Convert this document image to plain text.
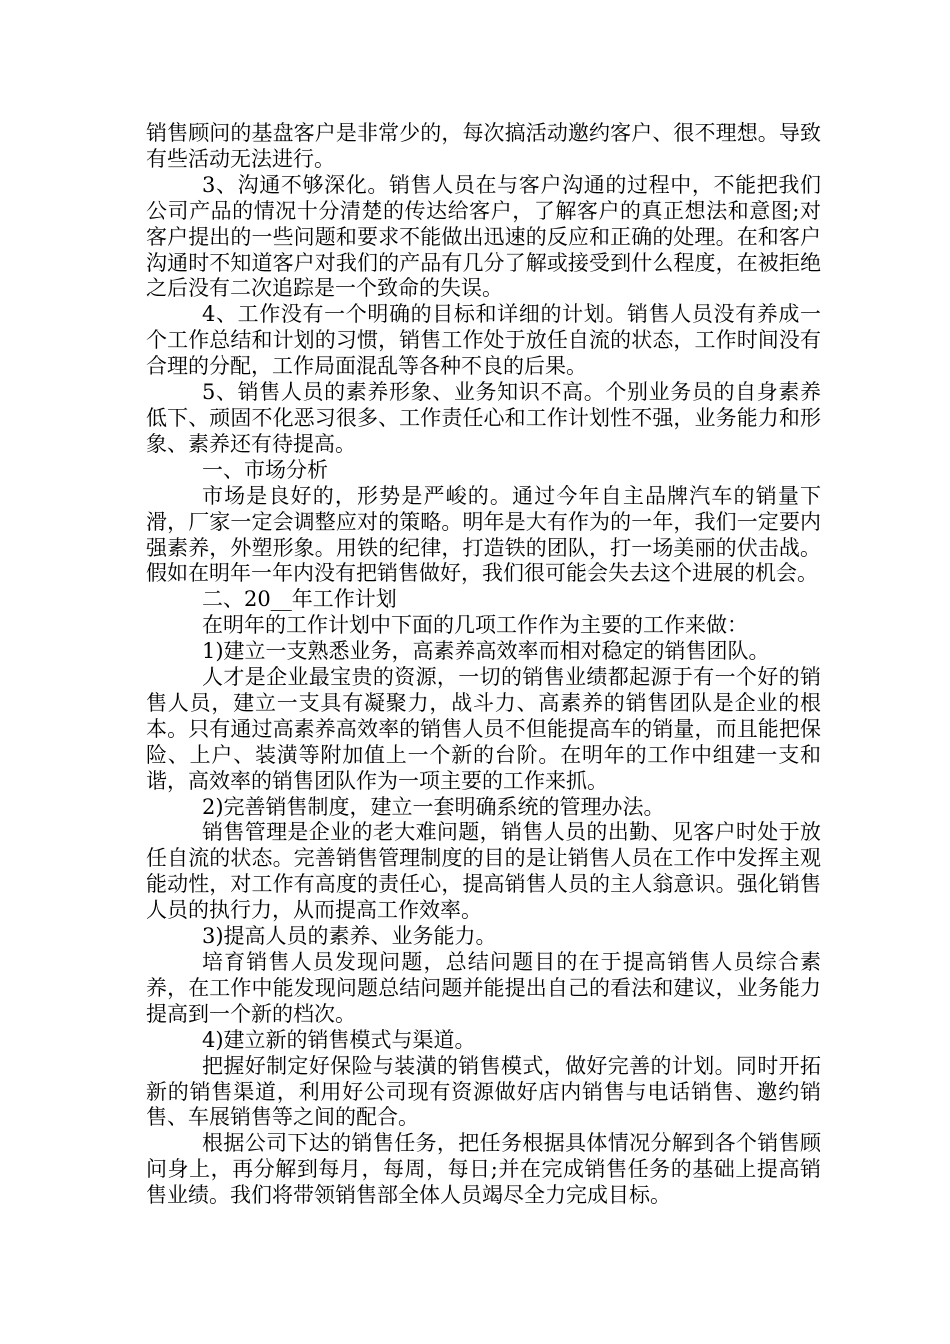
销售顾问的基盘客户是非常少的，每次搞活动邀约客户、很不理想。导致有些活动无法进行。

3、沟通不够深化。销售人员在与客户沟通的过程中，不能把我们公司产品的情况十分清楚的传达给客户，了解客户的真正想法和意图;对客户提出的一些问题和要求不能做出迅速的反应和正确的处理。在和客户沟通时不知道客户对我们的产品有几分了解或接受到什么程度，在被拒绝之后没有二次追踪是一个致命的失误。

4、工作没有一个明确的目标和详细的计划。销售人员没有养成一个工作总结和计划的习惯，销售工作处于放任自流的状态，工作时间没有合理的分配，工作局面混乱等各种不良的后果。

5、销售人员的素养形象、业务知识不高。个别业务员的自身素养低下、顽固不化恶习很多、工作责任心和工作计划性不强，业务能力和形象、素养还有待提高。

一、市场分析

市场是良好的，形势是严峻的。通过今年自主品牌汽车的销量下滑，厂家一定会调整应对的策略。明年是大有作为的一年，我们一定要内强素养，外塑形象。用铁的纪律，打造铁的团队，打一场美丽的伏击战。假如在明年一年内没有把销售做好，我们很可能会失去这个进展的机会。

二、20__年工作计划

在明年的工作计划中下面的几项工作作为主要的工作来做：

1)建立一支熟悉业务，高素养高效率而相对稳定的销售团队。

人才是企业最宝贵的资源，一切的销售业绩都起源于有一个好的销售人员，建立一支具有凝聚力，战斗力、高素养的销售团队是企业的根本。只有通过高素养高效率的销售人员不但能提高车的销量，而且能把保险、上户、装潢等附加值上一个新的台阶。在明年的工作中组建一支和谐，高效率的销售团队作为一项主要的工作来抓。

2)完善销售制度，建立一套明确系统的管理办法。

销售管理是企业的老大难问题，销售人员的出勤、见客户时处于放任自流的状态。完善销售管理制度的目的是让销售人员在工作中发挥主观能动性，对工作有高度的责任心，提高销售人员的主人翁意识。强化销售人员的执行力，从而提高工作效率。

3)提高人员的素养、业务能力。

培育销售人员发现问题，总结问题目的在于提高销售人员综合素养，在工作中能发现问题总结问题并能提出自己的看法和建议，业务能力提高到一个新的档次。

4)建立新的销售模式与渠道。

把握好制定好保险与装潢的销售模式，做好完善的计划。同时开拓新的销售渠道，利用好公司现有资源做好店内销售与电话销售、邀约销售、车展销售等之间的配合。

根据公司下达的销售任务，把任务根据具体情况分解到各个销售顾问身上，再分解到每月，每周，每日;并在完成销售任务的基础上提高销售业绩。我们将带领销售部全体人员竭尽全力完成目标。
